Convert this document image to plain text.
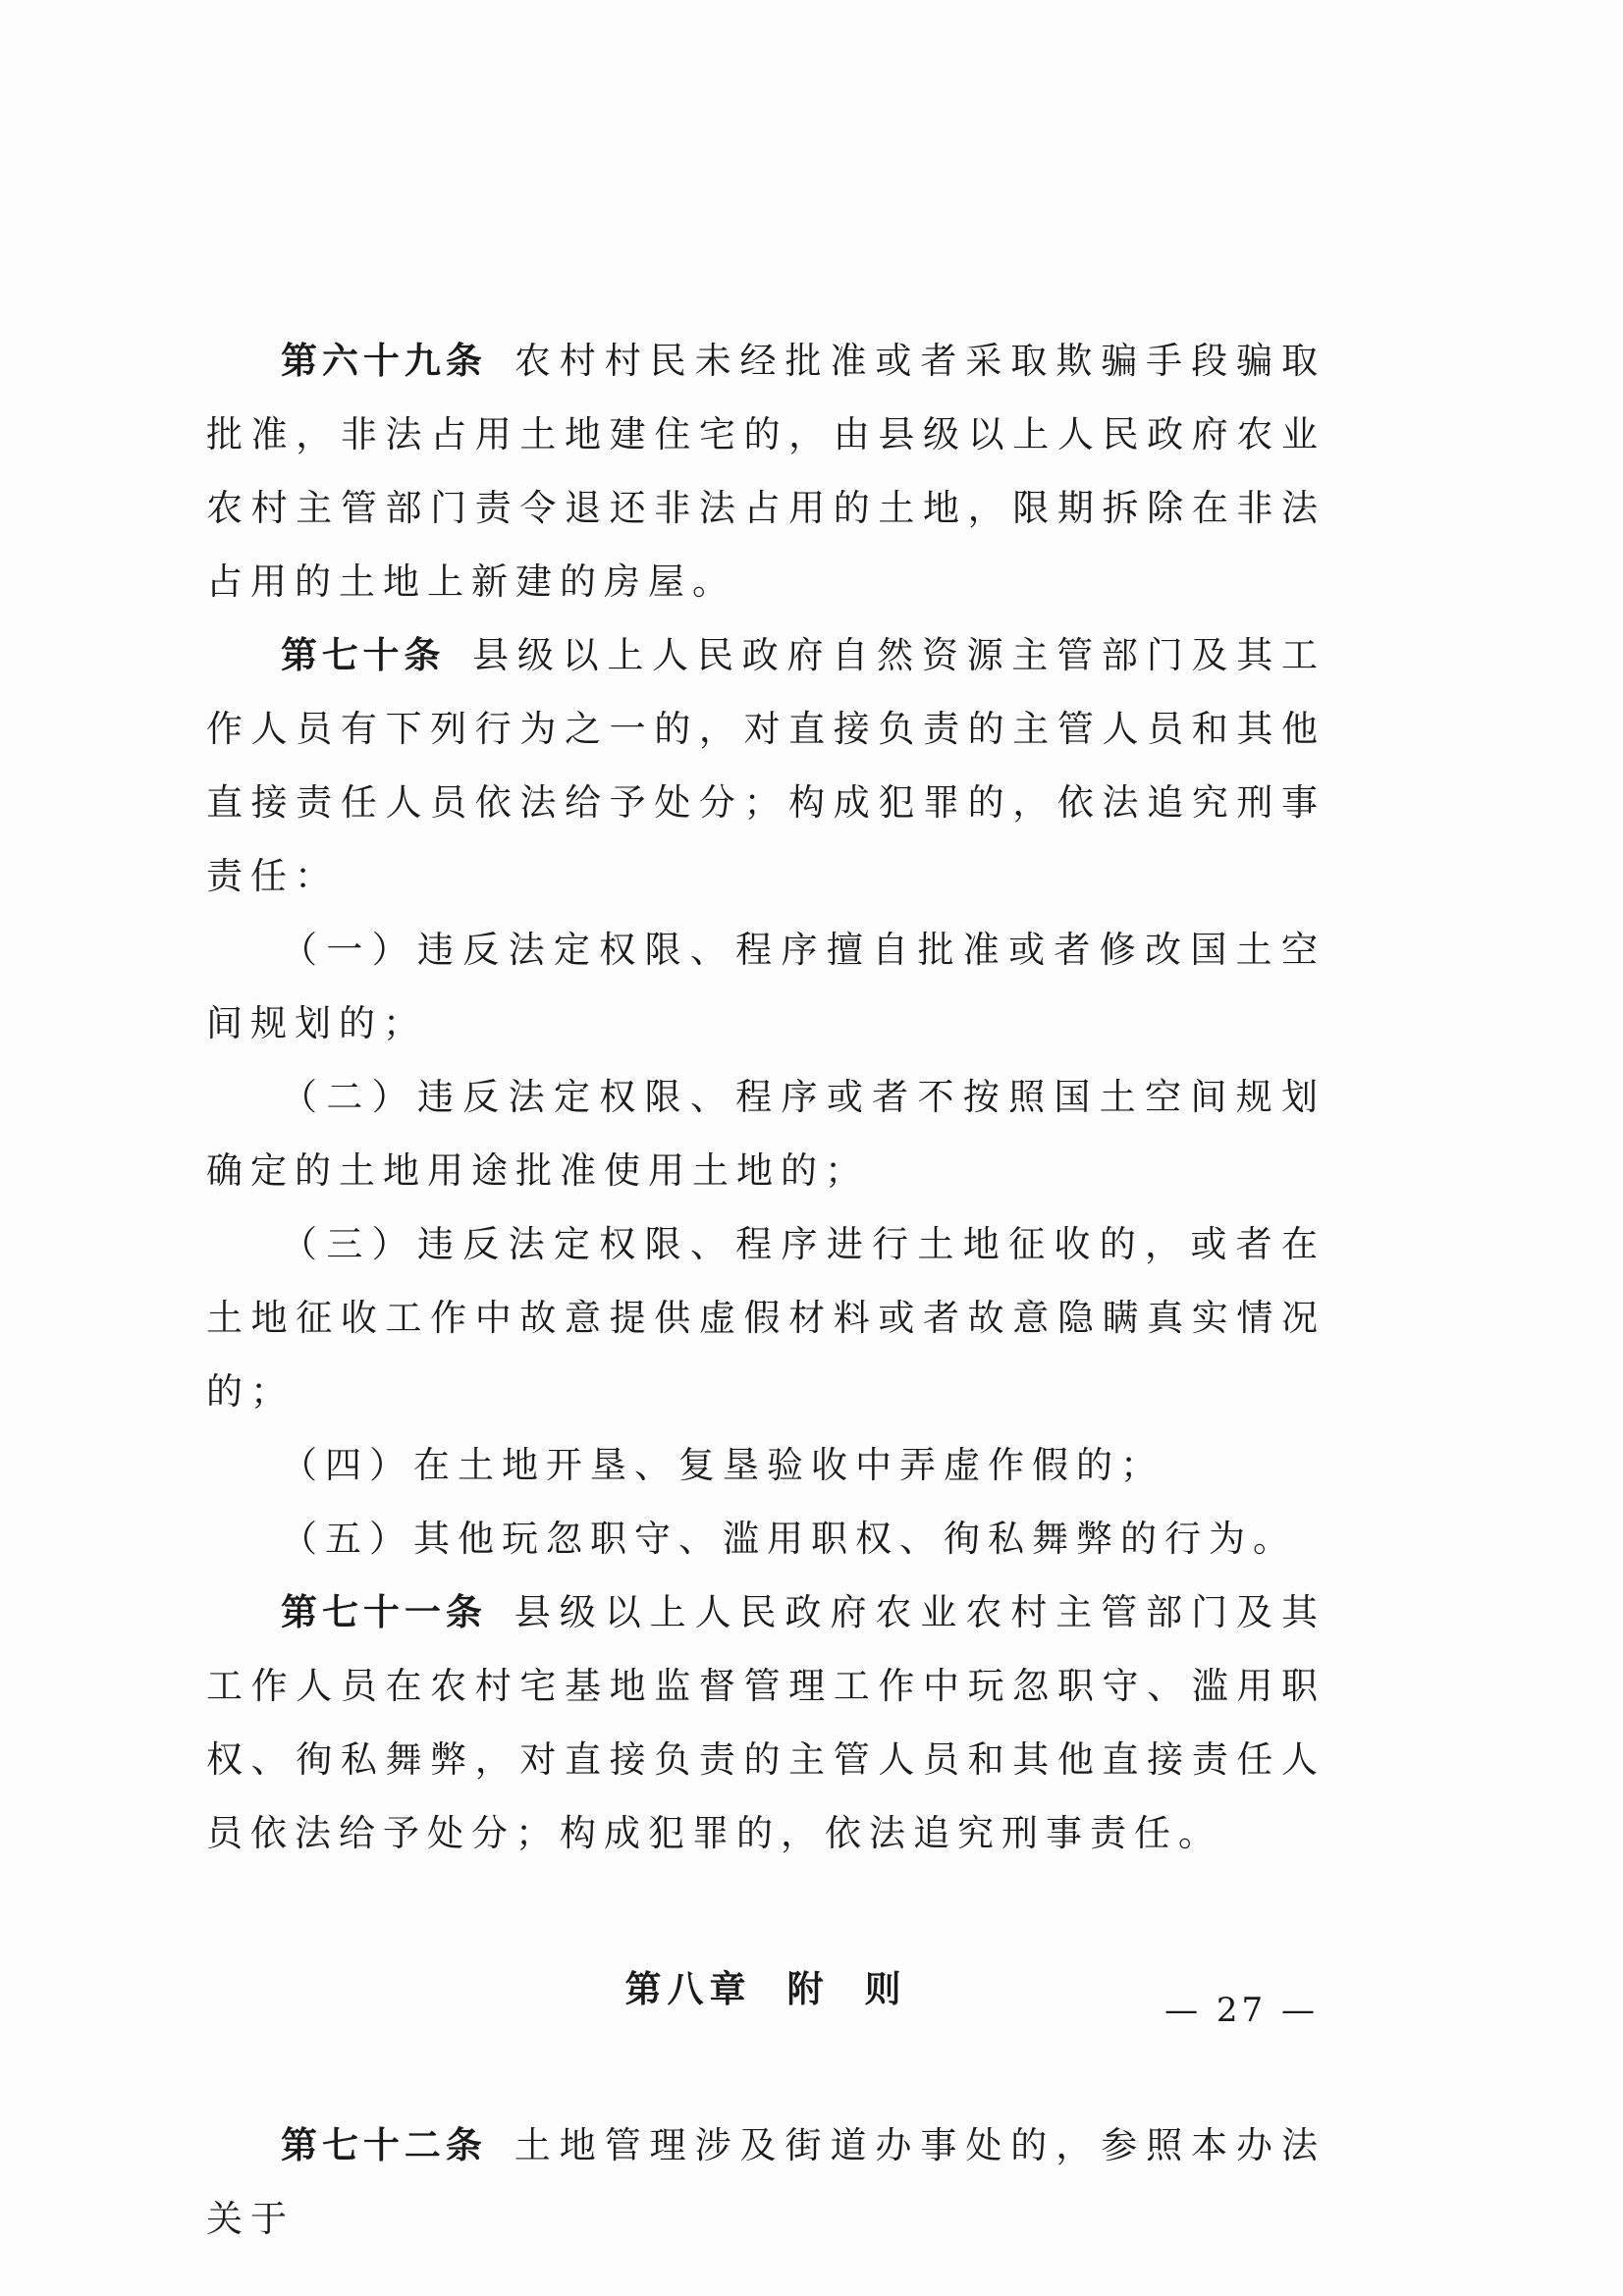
第六十九条 农村村民未经批准或者采取欺骗手段骗取批准，非法占用土地建住宅的，由县级以上人民政府农业农村主管部门责令退还非法占用的土地，限期拆除在非法占用的土地上新建的房屋。

第七十条 县级以上人民政府自然资源主管部门及其工作人员有下列行为之一的，对直接负责的主管人员和其他直接责任人员依法给予处分；构成犯罪的，依法追究刑事责任：

（一）违反法定权限、程序擅自批准或者修改国土空间规划的；

（二）违反法定权限、程序或者不按照国土空间规划确定的土地用途批准使用土地的；

（三）违反法定权限、程序进行土地征收的，或者在土地征收工作中故意提供虚假材料或者故意隐瞒真实情况的；

（四）在土地开垦、复垦验收中弄虚作假的；

（五）其他玩忽职守、滥用职权、徇私舞弊的行为。

第七十一条 县级以上人民政府农业农村主管部门及其工作人员在农村宅基地监督管理工作中玩忽职守、滥用职权、徇私舞弊，对直接负责的主管人员和其他直接责任人员依法给予处分；构成犯罪的，依法追究刑事责任。

第八章 附 则

第七十二条 土地管理涉及街道办事处的，参照本办法关于

— 27 —
